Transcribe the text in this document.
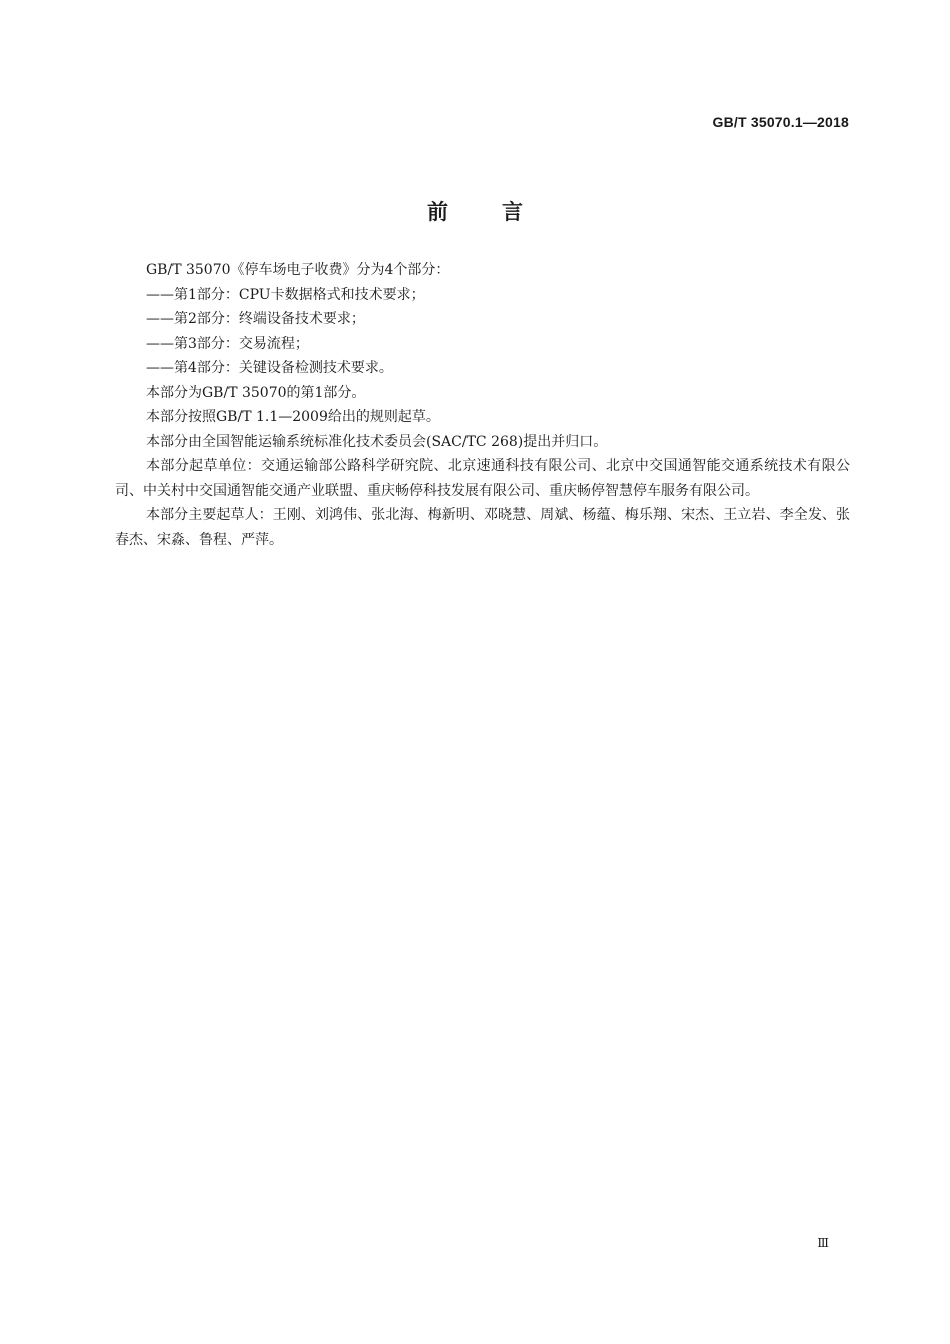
GB/T 35070.1—2018
前	言

GB/T 35070《停车场电子收费》分为4个部分：

——第1部分：CPU卡数据格式和技术要求；

——第2部分：终端设备技术要求；

——第3部分：交易流程；

——第4部分：关键设备检测技术要求。

本部分为GB/T 35070的第1部分。

本部分按照GB/T 1.1—2009给出的规则起草。

本部分由全国智能运输系统标准化技术委员会(SAC/TC 268)提出并归口。

本部分起草单位：交通运输部公路科学研究院、北京速通科技有限公司、北京中交国通智能交通系统技术有限公司、中关村中交国通智能交通产业联盟、重庆畅停科技发展有限公司、重庆畅停智慧停车服务有限公司。

本部分主要起草人：王刚、刘鸿伟、张北海、梅新明、邓晓慧、周斌、杨蕴、梅乐翔、宋杰、王立岩、李全发、张春杰、宋淼、鲁程、严萍。

Ⅲ
